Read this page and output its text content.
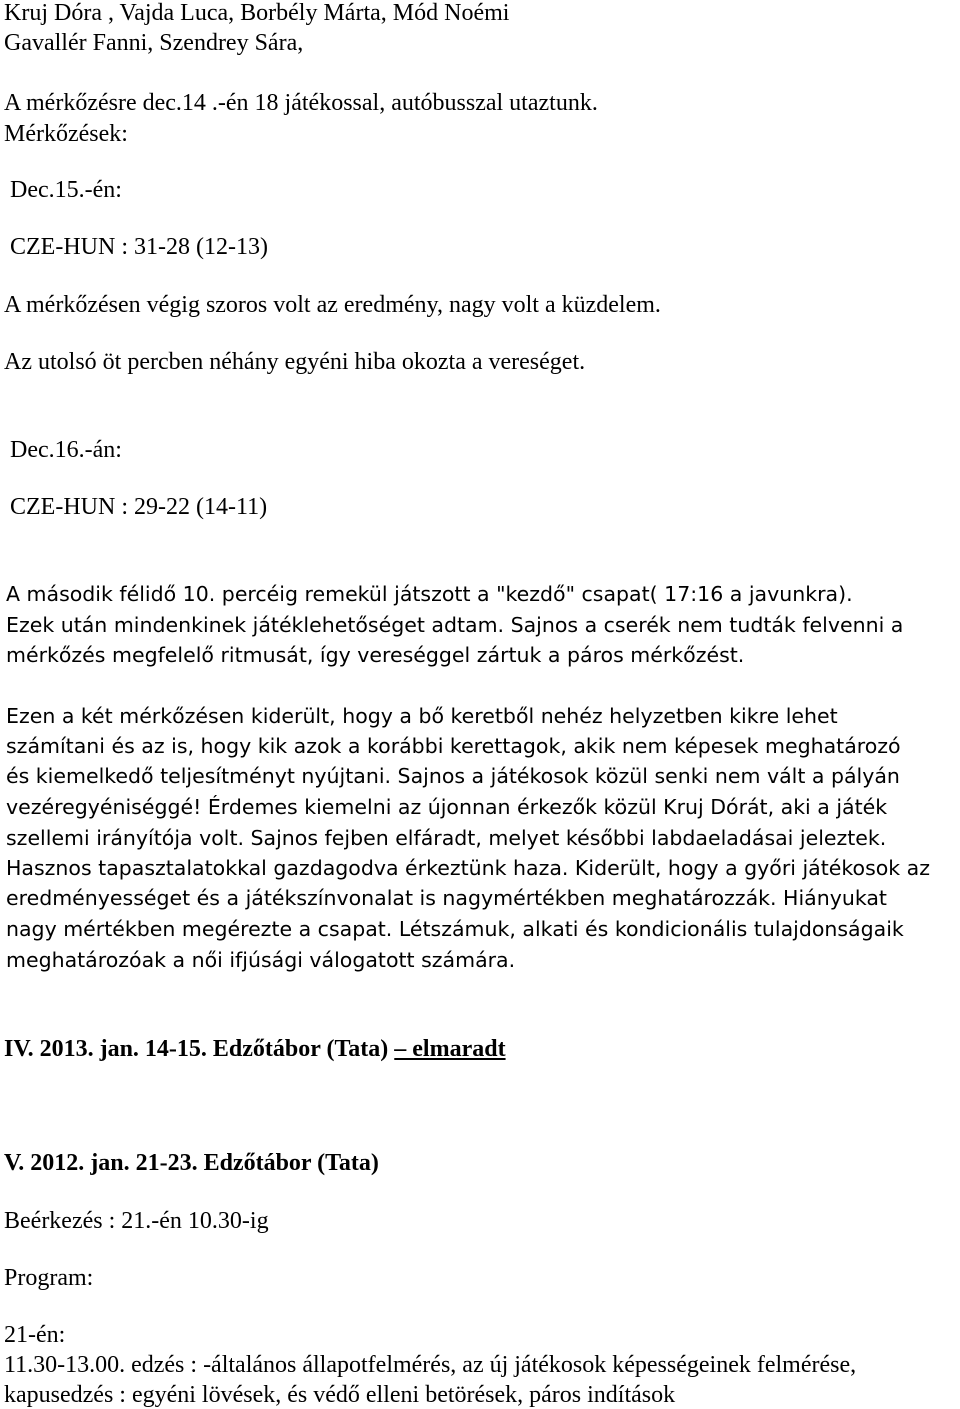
Kruj Dóra , Vajda Luca, Borbély Márta, Mód Noémi
Gavallér Fanni, Szendrey Sára,
A mérkőzésre dec.14 .-én 18 játékossal, autóbusszal utaztunk.
Mérkőzések:
Dec.15.-én:
CZE-HUN : 31-28 (12-13)
A mérkőzésen végig szoros volt az eredmény, nagy volt a küzdelem.
Az utolsó öt percben néhány egyéni hiba okozta a vereséget.
Dec.16.-án:
CZE-HUN : 29-22 (14-11)
A második félidő 10. percéig remekül játszott a "kezdő" csapat( 17:16 a javunkra).
Ezek után mindenkinek játéklehetőséget adtam. Sajnos a cserék nem tudták felvenni a
mérkőzés megfelelő ritmusát, így vereséggel zártuk a páros mérkőzést.
Ezen a két mérkőzésen kiderült, hogy a bő keretből nehéz helyzetben kikre lehet
számítani és az is, hogy kik azok a korábbi kerettagok, akik nem képesek meghatározó
és kiemelkedő teljesítményt nyújtani. Sajnos a játékosok közül senki nem vált a pályán
vezéregyéniséggé! Érdemes kiemelni az újonnan érkezők közül Kruj Dórát, aki a játék
szellemi irányítója volt. Sajnos fejben elfáradt, melyet későbbi labdaeladásai jeleztek.
Hasznos tapasztalatokkal gazdagodva érkeztünk haza. Kiderült, hogy a győri játékosok az
eredményességet és a játékszínvonalat is nagymértékben meghatározzák. Hiányukat
nagy mértékben megérezte a csapat. Létszámuk, alkati és kondicionális tulajdonságaik
meghatározóak a női ifjúsági válogatott számára.
IV. 2013. jan. 14-15. Edzőtábor (Tata) – elmaradt
V. 2012. jan. 21-23. Edzőtábor (Tata)
Beérkezés : 21.-én 10.30-ig
Program:
21-én:
11.30-13.00. edzés : -általános állapotfelmérés, az új játékosok képességeinek felmérése,
kapusedzés : egyéni lövések, és védő elleni betörések, páros indítások
